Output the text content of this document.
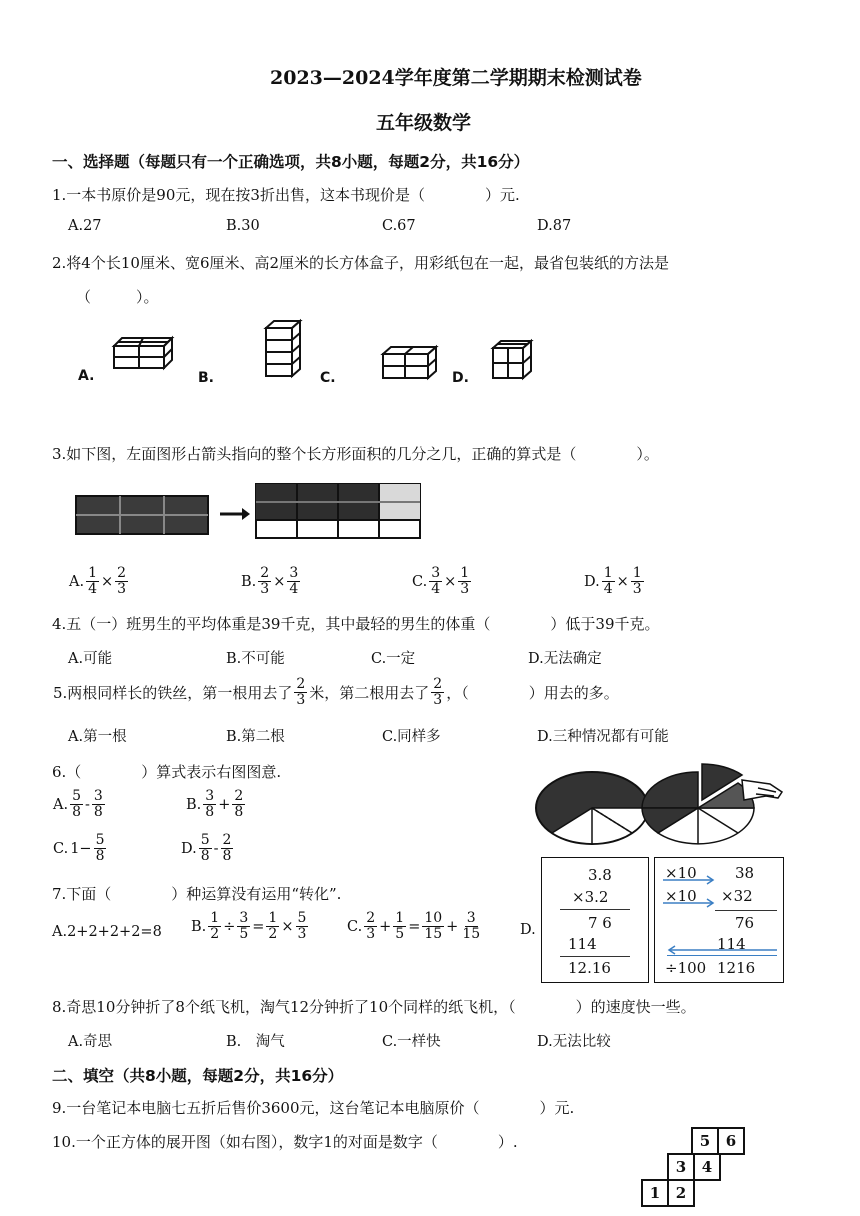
2023—2024学年度第二学期期末检测试卷
五年级数学
一、选择题（每题只有一个正确选项，共8小题，每题2分，共16分）
1.一本书原价是90元，现在按3折出售，这本书现价是（　　　　）元.
A.27	B.30	C.67	D.87
2.将4个长10厘米、宽6厘米、高2厘米的长方体盒子，用彩纸包在一起，最省包装纸的方法是
（　　　）。
A.	B.	C.	D.
3.如下图，左面图形占箭头指向的整个长方形面积的几分之几，正确的算式是（　　　　）。
A. $\frac{1}{4} \times \frac{2}{3}$	B. $\frac{2}{3} \times \frac{3}{4}$	C. $\frac{3}{4} \times \frac{1}{3}$	D. $\frac{1}{4} \times \frac{1}{3}$
4.五（一）班男生的平均体重是39千克，其中最轻的男生的体重（　　　　）低于39千克。
A.可能	B.不可能	C.一定	D.无法确定
5.两根同样长的铁丝，第一根用去了 $\frac{2}{3}$ 米，第二根用去了 $\frac{2}{3}$ ，（　　　　）用去的多。
A.第一根	B.第二根	C.同样多	D.三种情况都有可能
6.（　　　　）算式表示右图图意.
A. $\frac{5}{8} - \frac{3}{8}$	B. $\frac{3}{8} + \frac{2}{8}$
C. $1- \frac{5}{8}$	D. $\frac{5}{8} - \frac{2}{8}$
7.下面（　　　　）种运算没有运用“转化”.
A.2+2+2+2=8 B. $\frac{1}{2} \div \frac{3}{5} = \frac{1}{2} \times \frac{5}{3}$	C. $\frac{2}{3} + \frac{1}{5} = \frac{10}{15} + \frac{3}{15}$	D.
3.8
×3.2
7 6
114
12.16
×10	38
×10 ×32
76
114
÷100 1216
8.奇思10分钟折了8个纸飞机，淘气12分钟折了10个同样的纸飞机，（　　　　）的速度快一些。
A.奇思	B.　淘气	C.一样快	D.无法比较
二、填空（共8小题，每题2分，共16分）
9.一台笔记本电脑七五折后售价3600元，这台笔记本电脑原价（　　　　）元.
10.一个正方体的展开图（如右图），数字1的对面是数字（　　　　）.	5	6
3	4
1	2
